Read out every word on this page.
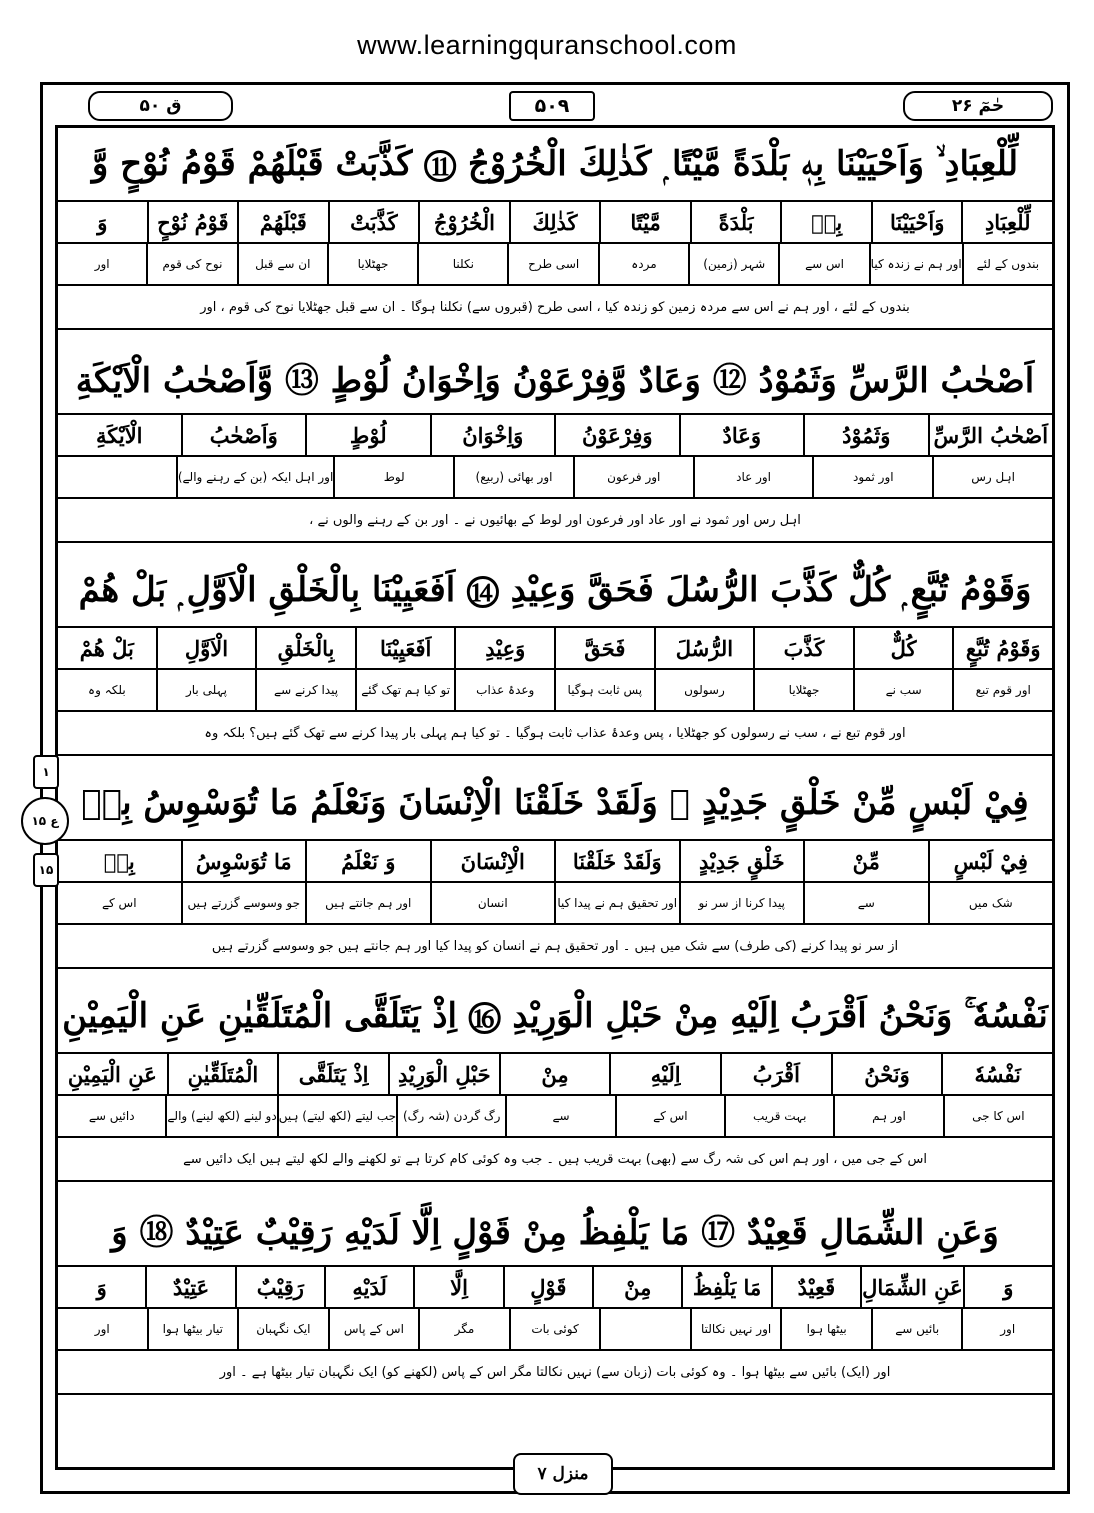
www.learningquranschool.com
حٰمٓ ۲۶
۵۰۹
ق ۵۰
لِّلْعِبَادِ ۙ وَاَحْيَيْنَا بِهٖ بَلْدَةً مَّيْتًا ۭ كَذٰلِكَ الْخُرُوْجُ ⑪ كَذَّبَتْ قَبْلَهُمْ قَوْمُ نُوْحٍ وَّ
لِّلْعِبَادِ
وَاَحْيَيْنَا
بِهٖ
بَلْدَةً
مَّيْتًا
كَذٰلِكَ
الْخُرُوْجُ
كَذَّبَتْ
قَبْلَهُمْ
قَوْمُ نُوْحٍ
وَ
بندوں کے لئے
اور ہم نے زندہ کیا
اس سے
شہر (زمین)
مردہ
اسی طرح
نکلنا
جھٹلایا
ان سے قبل
نوح کی قوم
اور
بندوں کے لئے ، اور ہم نے اس سے مردہ زمین کو زندہ کیا ، اسی طرح (قبروں سے) نکلنا ہوگا ۔ ان سے قبل جھٹلایا نوح کی قوم ، اور
اَصْحٰبُ الرَّسِّ وَثَمُوْدُ ⑫ وَعَادٌ وَّفِرْعَوْنُ وَاِخْوَانُ لُوْطٍ ⑬ وَّاَصْحٰبُ الْاَيْكَةِ
اَصْحٰبُ الرَّسِّ
وَثَمُوْدُ
وَعَادٌ
وَفِرْعَوْنُ
وَاِخْوَانُ
لُوْطٍ
وَاَصْحٰبُ
الْاَيْكَةِ
اہل رس
اور ثمود
اور عاد
اور فرعون
اور بھائی (ربیع)
لوط
اور اہل ایکہ (بن کے رہنے والے)
اہل رس اور ثمود نے اور عاد اور فرعون اور لوط کے بھائیوں نے ۔ اور بن کے رہنے والوں نے ،
وَقَوْمُ تُبَّعٍ ۭ كُلٌّ كَذَّبَ الرُّسُلَ فَحَقَّ وَعِيْدِ ⑭ اَفَعَيِيْنَا بِالْخَلْقِ الْاَوَّلِ ۭ بَلْ هُمْ
وَقَوْمُ تُبَّعٍ
كُلٌّ
كَذَّبَ
الرُّسُلَ
فَحَقَّ
وَعِيْدِ
اَفَعَيِيْنَا
بِالْخَلْقِ
الْاَوَّلِ
بَلْ هُمْ
اور قوم تبع
سب نے
جھٹلایا
رسولوں
پس ثابت ہوگیا
وعدۂ عذاب
تو کیا ہم تھک گئے
پیدا کرنے سے
پہلی بار
بلکہ وہ
اور قوم تبع نے ، سب نے رسولوں کو جھٹلایا ، پس وعدۂ عذاب ثابت ہوگیا ۔ تو کیا ہم پہلی بار پیدا کرنے سے تھک گئے ہیں؟ بلکہ وہ
فِيْ لَبْسٍ مِّنْ خَلْقٍ جَدِيْدٍ ⑮ وَلَقَدْ خَلَقْنَا الْاِنْسَانَ وَنَعْلَمُ مَا تُوَسْوِسُ بِهٖ
فِيْ لَبْسٍ
مِّنْ
خَلْقٍ جَدِيْدٍ
وَلَقَدْ خَلَقْنَا
الْاِنْسَانَ
وَ نَعْلَمُ
مَا تُوَسْوِسُ
بِهٖ
شک میں
سے
پیدا کرنا از سر نو
اور تحقیق ہم نے پیدا کیا
انسان
اور ہم جانتے ہیں
جو وسوسے گزرتے ہیں
اس کے
از سر نو پیدا کرنے (کی طرف) سے شک میں ہیں ۔ اور تحقیق ہم نے انسان کو پیدا کیا اور ہم جانتے ہیں جو وسوسے گزرتے ہیں
نَفْسُهٗ ۚ وَنَحْنُ اَقْرَبُ اِلَيْهِ مِنْ حَبْلِ الْوَرِيْدِ ⑯ اِذْ يَتَلَقَّى الْمُتَلَقِّيٰنِ عَنِ الْيَمِيْنِ
نَفْسُهٗ
وَنَحْنُ
اَقْرَبُ
اِلَيْهِ
مِنْ
حَبْلِ الْوَرِيْدِ
اِذْ يَتَلَقَّى
الْمُتَلَقِّيٰنِ
عَنِ الْيَمِيْنِ
اس کا جی
اور ہم
بہت قریب
اس کے
سے
رگ گردن (شہ رگ)
جب لیتے (لکھ لیتے) ہیں
دو لینے (لکھ لینے) والے
دائیں سے
اس کے جی میں ، اور ہم اس کی شہ رگ سے (بھی) بہت قریب ہیں ۔ جب وہ کوئی کام کرتا ہے تو لکھنے والے لکھ لیتے ہیں ایک دائیں سے
وَعَنِ الشِّمَالِ قَعِيْدٌ ⑰ مَا يَلْفِظُ مِنْ قَوْلٍ اِلَّا لَدَيْهِ رَقِيْبٌ عَتِيْدٌ ⑱ وَ
وَ
عَنِ الشِّمَالِ
قَعِيْدٌ
مَا يَلْفِظُ
مِنْ
قَوْلٍ
اِلَّا
لَدَيْهِ
رَقِيْبٌ
عَتِيْدٌ
وَ
اور
بائیں سے
بیٹھا ہوا
اور نہیں نکالتا
کوئی بات
مگر
اس کے پاس
ایک نگہبان
تیار بیٹھا ہوا
اور
اور (ایک) بائیں سے بیٹھا ہوا ۔ وہ کوئی بات (زبان سے) نہیں نکالتا مگر اس کے پاس (لکھنے کو) ایک نگہبان تیار بیٹھا ہے ۔ اور
منزل ۷
۱
ع ۱۵
۱۵
